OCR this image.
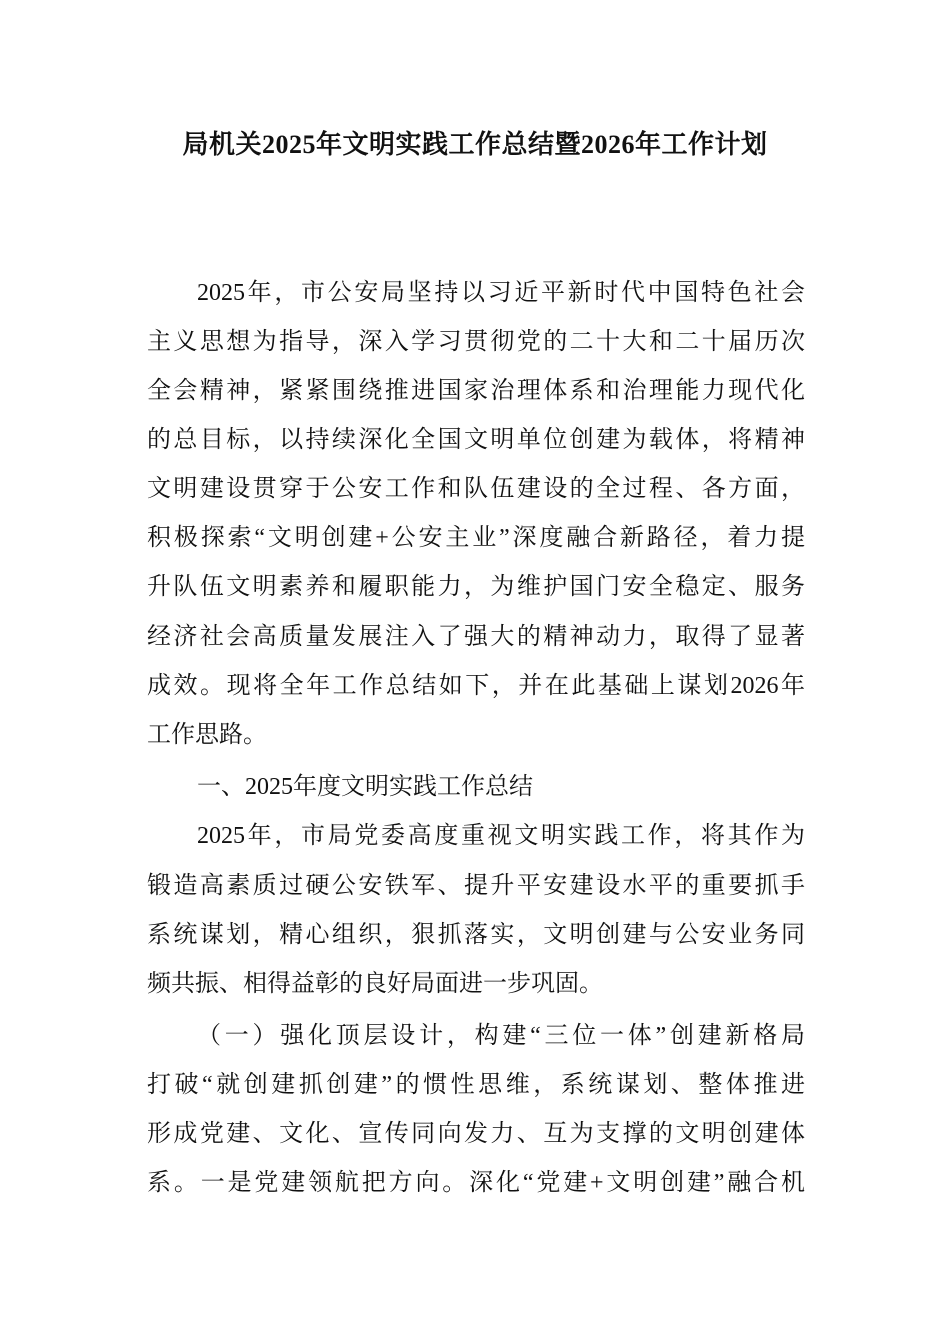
局机关2025年文明实践工作总结暨2026年工作计划
2025年，市公安局坚持以习近平新时代中国特色社会
主义思想为指导，深入学习贯彻党的二十大和二十届历次
全会精神，紧紧围绕推进国家治理体系和治理能力现代化
的总目标，以持续深化全国文明单位创建为载体，将精神
文明建设贯穿于公安工作和队伍建设的全过程、各方面，
积极探索“文明创建+公安主业”深度融合新路径，着力提
升队伍文明素养和履职能力，为维护国门安全稳定、服务
经济社会高质量发展注入了强大的精神动力，取得了显著
成效。现将全年工作总结如下，并在此基础上谋划2026年
工作思路。
一、2025年度文明实践工作总结
2025年，市局党委高度重视文明实践工作，将其作为
锻造高素质过硬公安铁军、提升平安建设水平的重要抓手
系统谋划，精心组织，狠抓落实，文明创建与公安业务同
频共振、相得益彰的良好局面进一步巩固。
（一）强化顶层设计，构建“三位一体”创建新格局
打破“就创建抓创建”的惯性思维，系统谋划、整体推进
形成党建、文化、宣传同向发力、互为支撑的文明创建体
系。一是党建领航把方向。深化“党建+文明创建”融合机
